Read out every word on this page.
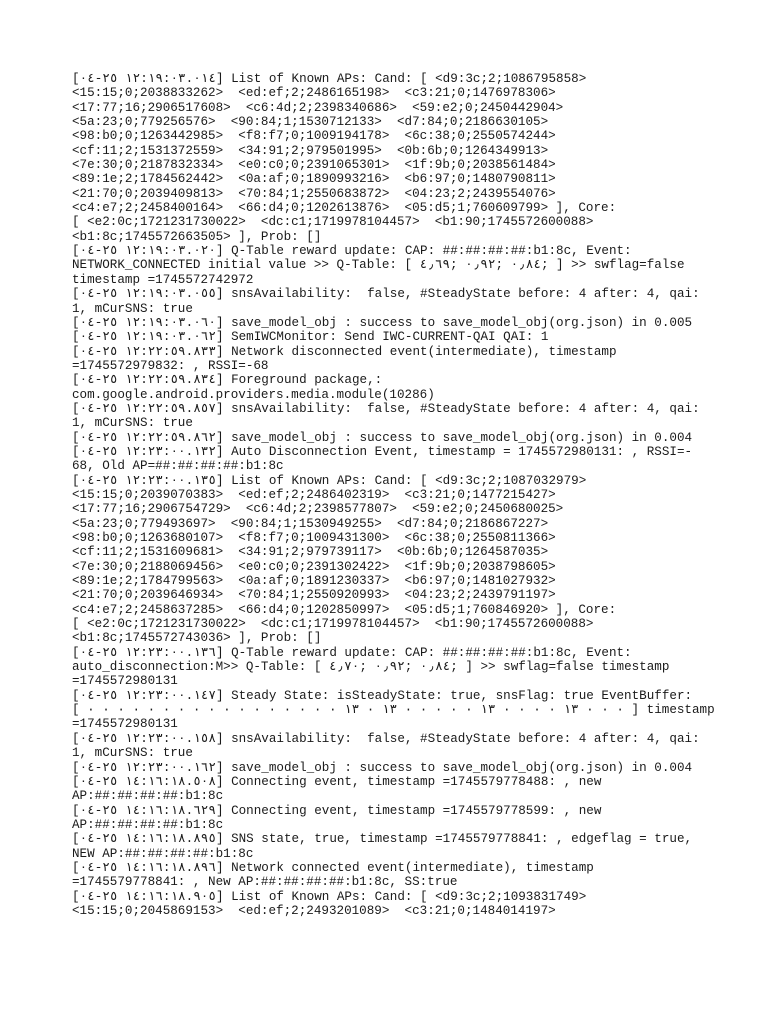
[١٢:١٩:٠٣.٠١٤ ٢٥-٠٤] List of Known APs: Cand: [ <d9:3c;2;1086795858>
<15:15;0;2038833262>  <ed:ef;2;2486165198>  <c3:21;0;1476978306>
<17:77;16;2906517608>  <c6:4d;2;2398340686>  <59:e2;0;2450442904>
<5a:23;0;779256576>  <90:84;1;1530712133>  <d7:84;0;2186630105>
<98:b0;0;1263442985>  <f8:f7;0;1009194178>  <6c:38;0;2550574244>
<cf:11;2;1531372559>  <34:91;2;979501995>  <0b:6b;0;1264349913>
<7e:30;0;2187832334>  <e0:c0;0;2391065301>  <1f:9b;0;2038561484>
<89:1e;2;1784562442>  <0a:af;0;1890993216>  <b6:97;0;1480790811>
<21:70;0;2039409813>  <70:84;1;2550683872>  <04:23;2;2439554076>
<c4:e7;2;2458400164>  <66:d4;0;1202613876>  <05:d5;1;760609799> ], Core:
[ <e2:0c;1721231730022>  <dc:c1;1719978104457>  <b1:90;1745572600088>
<b1:8c;1745572663505> ], Prob: []
[١٢:١٩:٠٣.٠٢٠ ٢٥-٠٤] Q-Table reward update: CAP: ##:##:##:##:b1:8c, Event:
NETWORK_CONNECTED initial value >> Q-Table: [ ٠٫٨٤ ;٠٫٩٢ ;٤٫٦٩; ] >> swflag=false
timestamp =1745572742972
[١٢:١٩:٠٣.٠٥٥ ٢٥-٠٤] snsAvailability:  false, #SteadyState before: 4 after: 4, qai:
1, mCurSNS: true
[١٢:١٩:٠٣.٠٦٠ ٢٥-٠٤] save_model_obj : success to save_model_obj(org.json) in 0.005
[١٢:١٩:٠٣.٠٦٢ ٢٥-٠٤] SemIWCMonitor: Send IWC-CURRENT-QAI QAI: 1
[١٢:٢٢:٥٩.٨٣٣ ٢٥-٠٤] Network disconnected event(intermediate), timestamp
=1745572979832: , RSSI=-68
[١٢:٢٢:٥٩.٨٣٤ ٢٥-٠٤] Foreground package,:
com.google.android.providers.media.module(10286)
[١٢:٢٢:٥٩.٨٥٧ ٢٥-٠٤] snsAvailability:  false, #SteadyState before: 4 after: 4, qai:
1, mCurSNS: true
[١٢:٢٢:٥٩.٨٦٢ ٢٥-٠٤] save_model_obj : success to save_model_obj(org.json) in 0.004
[١٢:٢٣:٠٠.١٣٢ ٢٥-٠٤] Auto Disconnection Event, timestamp = 1745572980131: , RSSI=-
68, Old AP=##:##:##:##:b1:8c
[١٢:٢٣:٠٠.١٣٥ ٢٥-٠٤] List of Known APs: Cand: [ <d9:3c;2;1087032979>
<15:15;0;2039070383>  <ed:ef;2;2486402319>  <c3:21;0;1477215427>
<17:77;16;2906754729>  <c6:4d;2;2398577807>  <59:e2;0;2450680025>
<5a:23;0;779493697>  <90:84;1;1530949255>  <d7:84;0;2186867227>
<98:b0;0;1263680107>  <f8:f7;0;1009431300>  <6c:38;0;2550811366>
<cf:11;2;1531609681>  <34:91;2;979739117>  <0b:6b;0;1264587035>
<7e:30;0;2188069456>  <e0:c0;0;2391302422>  <1f:9b;0;2038798605>
<89:1e;2;1784799563>  <0a:af;0;1891230337>  <b6:97;0;1481027932>
<21:70;0;2039646934>  <70:84;1;2550920993>  <04:23;2;2439791197>
<c4:e7;2;2458637285>  <66:d4;0;1202850997>  <05:d5;1;760846920> ], Core:
[ <e2:0c;1721231730022>  <dc:c1;1719978104457>  <b1:90;1745572600088>
<b1:8c;1745572743036> ], Prob: []
[١٢:٢٣:٠٠.١٣٦ ٢٥-٠٤] Q-Table reward update: CAP: ##:##:##:##:b1:8c, Event:
auto_disconnection:M>> Q-Table: [ ٠٫٨٤ ;٠٫٩٢ ;٤٫٧٠; ] >> swflag=false timestamp
=1745572980131
[١٢:٢٣:٠٠.١٤٧ ٢٥-٠٤] Steady State: isSteadyState: true, snsFlag: true EventBuffer:
[ · · · · · · · · · · · · · · · · · ١٣ · · · · ١٣ · · · · · ١٣ · ١٣ · · · ] timestamp
=1745572980131
[١٢:٢٣:٠٠.١٥٨ ٢٥-٠٤] snsAvailability:  false, #SteadyState before: 4 after: 4, qai:
1, mCurSNS: true
[١٢:٢٣:٠٠.١٦٢ ٢٥-٠٤] save_model_obj : success to save_model_obj(org.json) in 0.004
[١٤:١٦:١٨.٥٠٨ ٢٥-٠٤] Connecting event, timestamp =1745579778488: , new
AP:##:##:##:##:b1:8c
[١٤:١٦:١٨.٦٢٩ ٢٥-٠٤] Connecting event, timestamp =1745579778599: , new
AP:##:##:##:##:b1:8c
[١٤:١٦:١٨.٨٩٥ ٢٥-٠٤] SNS state, true, timestamp =1745579778841: , edgeflag = true,
NEW AP:##:##:##:##:b1:8c
[١٤:١٦:١٨.٨٩٦ ٢٥-٠٤] Network connected event(intermediate), timestamp
=1745579778841: , New AP:##:##:##:##:b1:8c, SS:true
[١٤:١٦:١٨.٩٠٥ ٢٥-٠٤] List of Known APs: Cand: [ <d9:3c;2;1093831749>
<15:15;0;2045869153>  <ed:ef;2;2493201089>  <c3:21;0;1484014197>
